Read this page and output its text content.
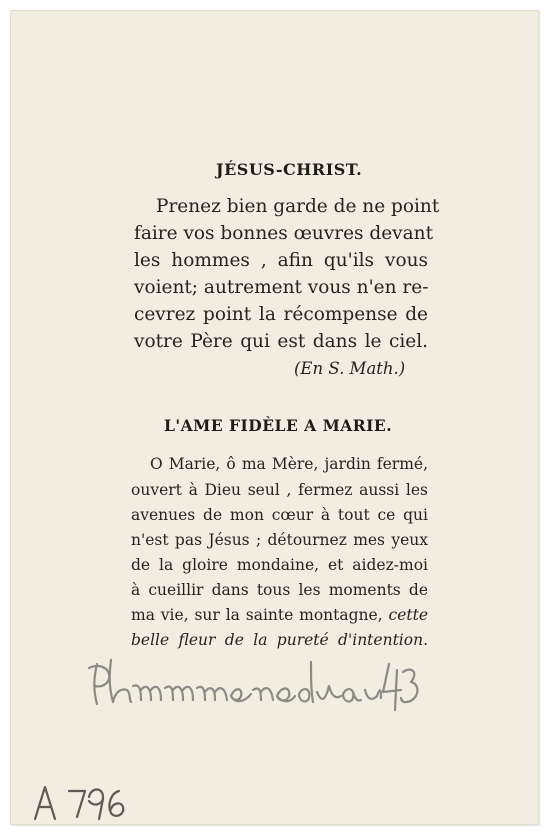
JÉSUS-CHRIST.
Prenez bien garde de ne point
faire vos bonnes œuvres devant
les hommes , afin qu'ils vous
voient; autrement vous n'en re-
cevrez point la récompense de
votre Père qui est dans le ciel.
(En S. Math.)
L'AME FIDÈLE A MARIE.
O Marie, ô ma Mère, jardin fermé,
ouvert à Dieu seul , fermez aussi les
avenues de mon cœur à tout ce qui
n'est pas Jésus ; détournez mes yeux
de la gloire mondaine, et aidez-moi
à cueillir dans tous les moments de
ma vie, sur la sainte montagne, cette
belle fleur de la pureté d'intention.
